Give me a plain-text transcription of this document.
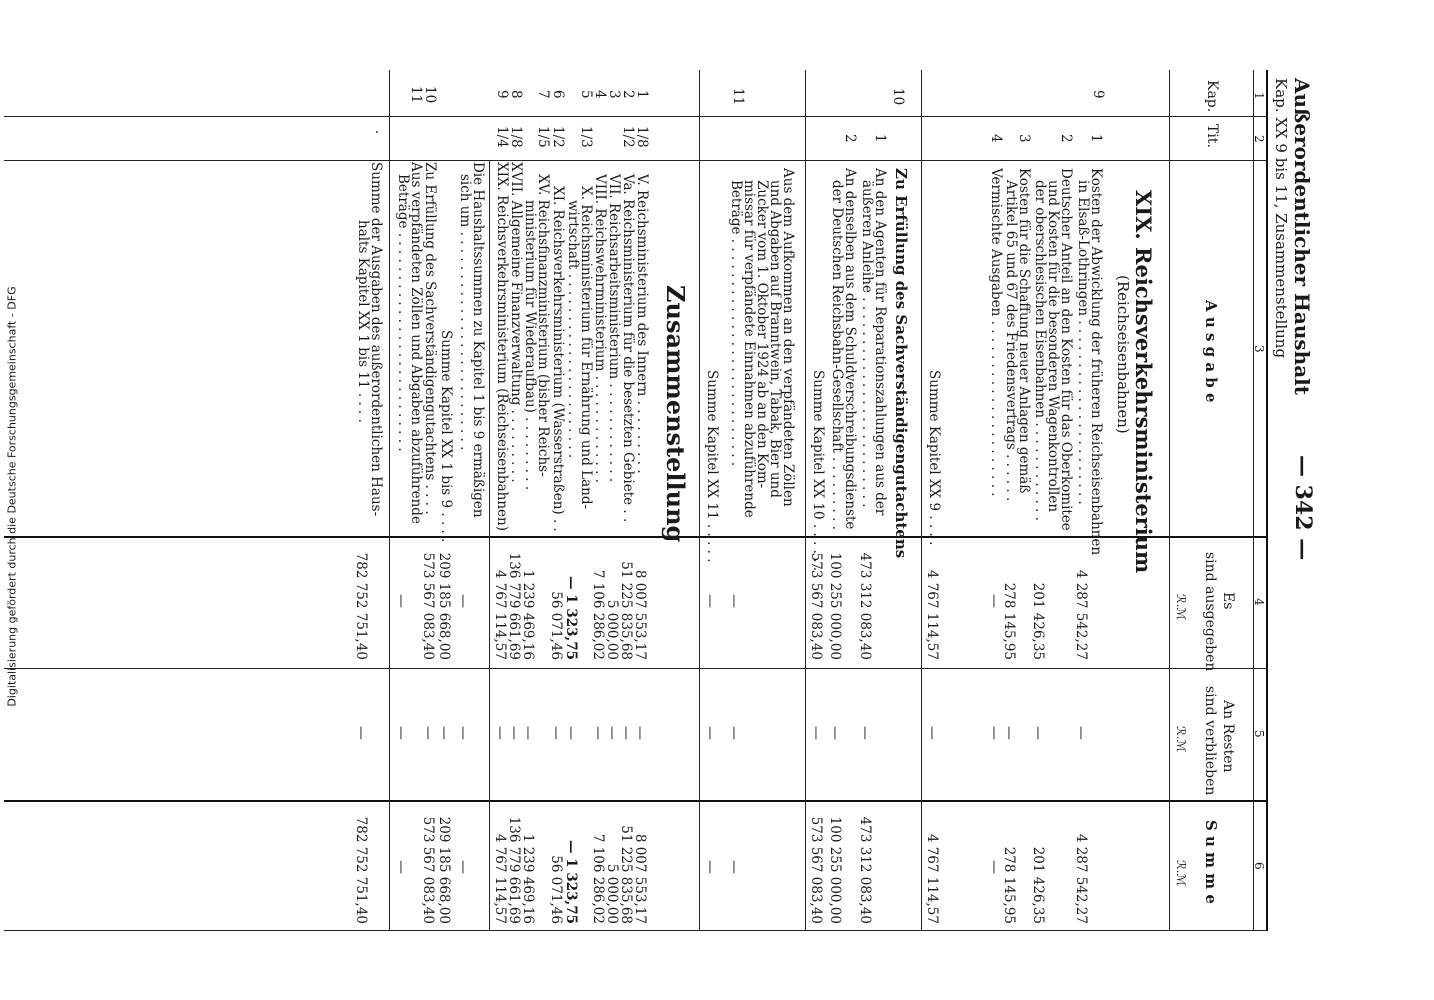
Digitalisierung gefördert durch die Deutsche Forschungsgemeinschaft - DFG
Außerordentlicher Haushalt
Kap. XX 9 bis 11, Zusammenstellung
— 342 —
1
2
3
4
5
6
Kap.
Tit.
A u s g a b e
Es
sind ausgegeben
ℛ.ℳ
An Resten
sind verblieben
ℛ.ℳ
S u m m e
ℛ.ℳ
XIX. Reichsverkehrsministerium
(Reichseisenbahnen)
9
1
Kosten der Abwicklung der früheren Reichseisenbahnen
in Elsaß-Lothringen . . . . . . . . . . . . . . . . . . . . . .
4 287 542,27
—
4 287 542,27
2
Deutscher Anteil an den Kosten für das Oberkomitee
und Kosten für die besonderen Wagenkontrollen
der oberschlesischen Eisenbahnen . . . . . . . . . . . .
201 426,35
—
201 426,35
3
Kosten für die Schaffung neuer Anlagen gemäß
Artikel 65 und 67 des Friedensvertrags . . . . . .
278 145,95
—
278 145,95
4
Vermischte Ausgaben . . . . . . . . . . . . . . . . . . . . .
—
—
—
Summe Kapitel XX 9 . . . .
4 767 114,57
—
4 767 114,57
10
Zu Erfüllung des Sachverständigengutachtens
1
An den Agenten für Reparationszahlungen aus der
äußeren Anleihe . . . . . . . . . . . . . . . . . . . . . . . . .
473 312 083,40
—
473 312 083,40
2
An denselben aus dem Schuldverschreibungsdienste
der Deutschen Reichsbahn-Gesellschaft . . . . . . . . .
100 255 000,00
—
100 255 000,00
Summe Kapitel XX 10 . . . . . .
573 567 083,40
—
573 567 083,40
11
Aus dem Aufkommen an den verpfändeten Zöllen
und Abgaben auf Branntwein, Tabak, Bier und
Zucker vom 1. Oktober 1924 ab an den Kom-
missar für verpfändete Einnahmen abzuführende
Beträge . . . . . . . . . . . . . . . . . . . . . . . . . . .
—
—
—
Summe Kapitel XX 11 . . . . .
—
—
—
Zusammenstellung
1
1/8
V. Reichsministerium des Innern . . . . . . . . .
8 007 553,17
—
8 007 553,17
2
1/2
Va. Reichsministerium für die besetzten Gebiete . .
51 225 835,68
—
51 225 835,68
3
VII. Reichsarbeitsministerium . . . . . . . . . . . .
5 000,00
—
5 000,00
4
VIII. Reichswehrministerium . . . . . . . . . . . . .
7 106 286,02
—
7 106 286,02
5
1/3
X. Reichsministerium für Ernährung und Land-
wirtschaft . . . . . . . . . . . . . . . . . . . . . .
— 1 323,75
—
— 1 323,75
6
1/2
XI. Reichsverkehrsministerium (Wasserstraßen) . .
56 071,46
—
56 071,46
7
1/5
XV. Reichsfinanzministerium (bisher Reichs-
ministerium für Wiederaufbau) . . . . . . . . .
1 239 469,16
—
1 239 469,16
8
1/8
XVII. Allgemeine Finanzverwaltung . . . . . . . . .
136 779 661,69
—
136 779 661,69
9
1/4
XIX. Reichsverkehrsministerium (Reichseisenbahnen)
4 767 114,57
—
4 767 114,57
Die Haushaltssummen zu Kapitel 1 bis 9 ermäßigen
sich um . . . . . . . . . . . . . . . . . . . . . . . . . .
—
—
—
Summe Kapitel XX 1 bis 9 . . . .
209 185 668,00
—
209 185 668,00
10
Zu Erfüllung des Sachverständigengutachtens . . . .
573 567 083,40
—
573 567 083,40
11
Aus verpfändeten Zöllen und Abgaben abzuführende
Beträge . . . . . . . . . . . . . . . . . . . . . . . . . .
—
—
—
·
Summe der Ausgaben des außerordentlichen Haus-
halts Kapitel XX 1 bis 11 . . . .
782 752 751,40
—
782 752 751,40
